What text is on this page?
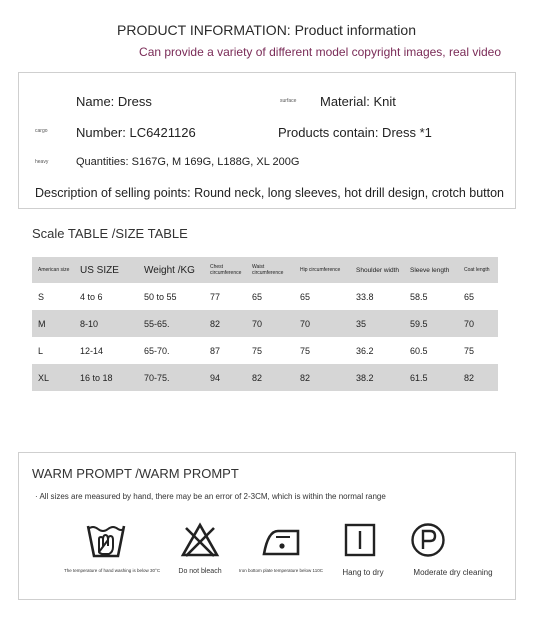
PRODUCT INFORMATION: Product information
Can provide a variety of different model copyright images, real video
Name: Dress	surface Material: Knit
cargo Number: LC6421126	Products contain: Dress *1
heavy	Quantities: S167G, M 169G, L188G, XL 200G
Description of selling points: Round neck, long sleeves, hot drill design, crotch button
Scale TABLE /SIZE TABLE
American size	US SIZE	Weight /KG	Chest circumference	Waist circumference	Hip circumference	Shoulder width	Sleeve length	Coat length
S	4 to 6	50 to 55	77	65	65	33.8	58.5	65
M	8-10	55-65.	82	70	70	35	59.5	70
L	12-14	65-70.	87	75	75	36.2	60.5	75
XL	16 to 18	70-75.	94	82	82	38.2	61.5	82
WARM PROMPT /WARM PROMPT
· All sizes are measured by hand, there may be an error of 2-3CM, which is within the normal range
The temperature of hand washing is below 30°C	Do not bleach	Iron bottom plate temperature below 110C	Hang to dry	Moderate dry cleaning
